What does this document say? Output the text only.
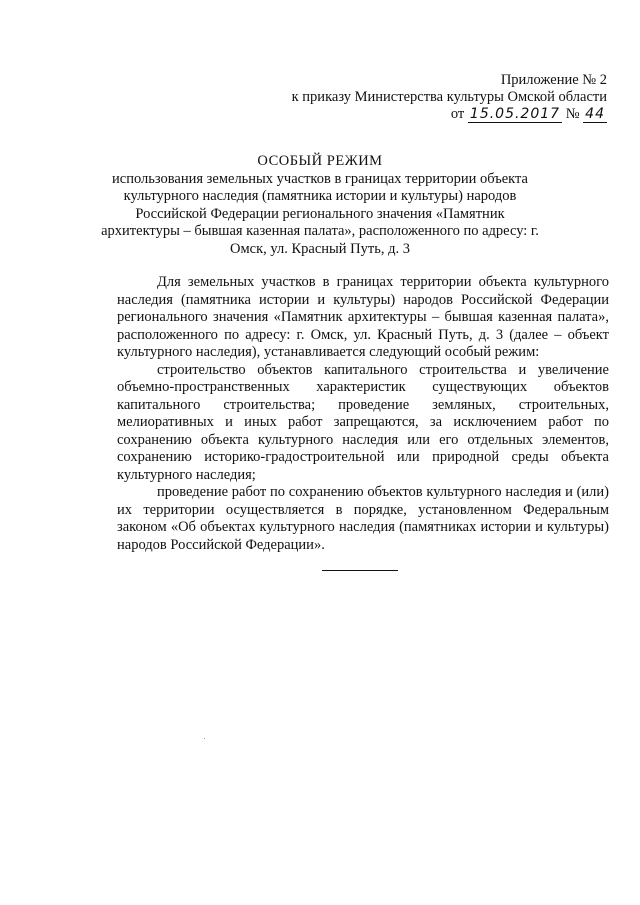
Приложение № 2
к приказу Министерства культуры Омской области
от 15.05.2017 № 44
ОСОБЫЙ РЕЖИМ
использования земельных участков в границах территории объекта культурного наследия (памятника истории и культуры) народов Российской Федерации регионального значения «Памятник архитектуры – бывшая казенная палата», расположенного по адресу: г. Омск, ул. Красный Путь, д. 3

Для земельных участков в границах территории объекта культурного наследия (памятника истории и культуры) народов Российской Федерации регионального значения «Памятник архитектуры – бывшая казенная палата», расположенного по адресу: г. Омск, ул. Красный Путь, д. 3 (далее – объект культурного наследия), устанавливается следующий особый режим:

строительство объектов капитального строительства и увеличение объемно-пространственных характеристик существующих объектов капитального строительства; проведение земляных, строительных, мелиоративных и иных работ запрещаются, за исключением работ по сохранению объекта культурного наследия или его отдельных элементов, сохранению историко-градостроительной или природной среды объекта культурного наследия;

проведение работ по сохранению объектов культурного наследия и (или) их территории осуществляется в порядке, установленном Федеральным законом «Об объектах культурного наследия (памятниках истории и культуры) народов Российской Федерации».
